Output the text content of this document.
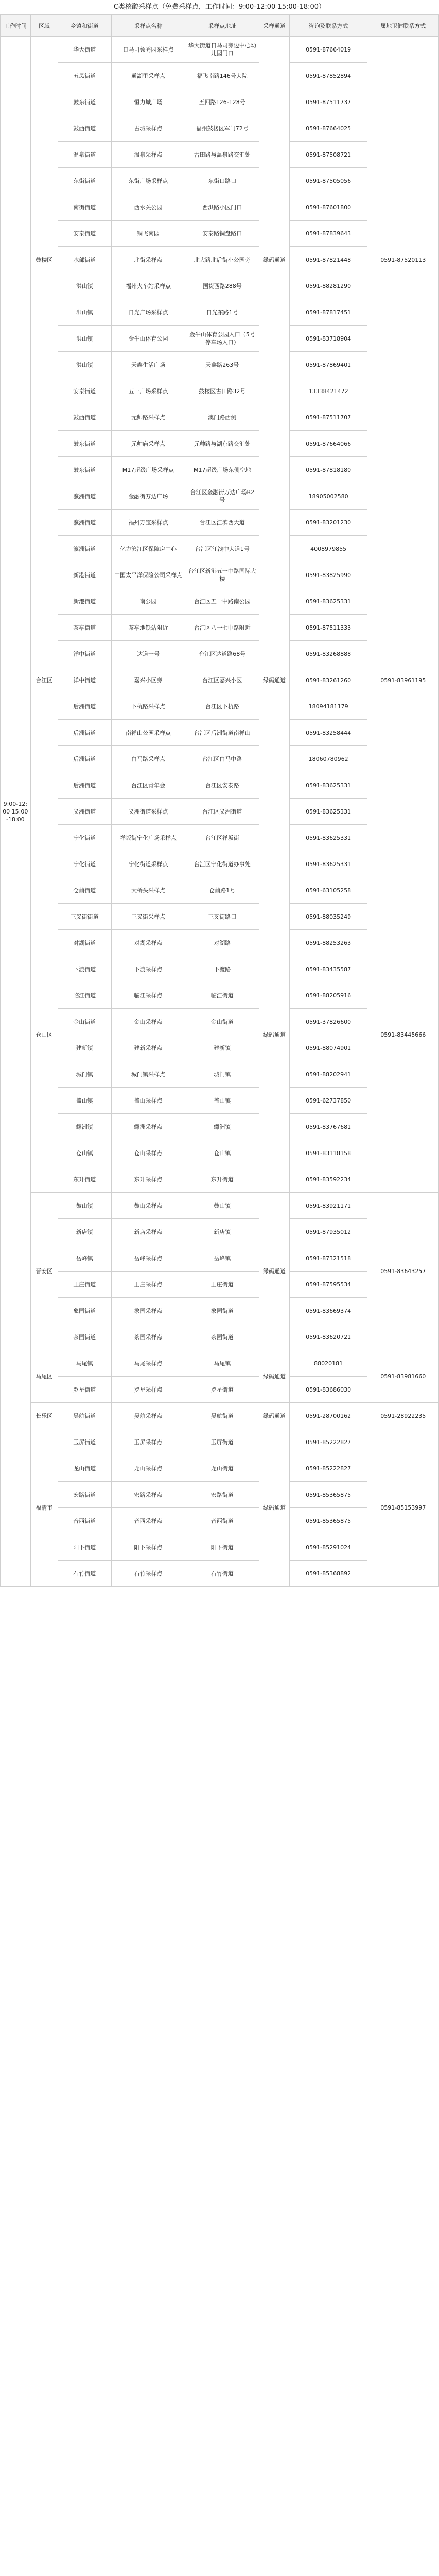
C类核酸采样点（免费采样点，工作时间：9:00-12:00 15:00-18:00）
工作时间	区域	乡镇和街道	采样点名称	采样点地址	采样通道	咨询及联系方式	属地卫健联系方式
9:00-12:00 15:00-18:00	鼓楼区	华大街道	日马司领秀园采样点	华大街道日马司旁边中心幼儿园门口	绿码通道	0591-87664019	0591-87520113
		五凤街道	通湖里采样点	福飞南路146号大院		0591-87852894	
		鼓东街道	恒力城广场	五四路126-128号		0591-87511737	
		鼓西街道	古城采样点	福州鼓楼区军门72号		0591-87664025	
		温泉街道	温泉采样点	古田路与温泉路交汇处		0591-87508721	
		东街街道	东街广场采样点	东街口路口		0591-87505056	
		南街街道	西水关公园	西洪路小区门口		0591-87601800	
		安泰街道	铜飞南园	安泰路铜盘路口		0591-87839643	
		水部街道	北街采样点	北大路北后街小公园旁		0591-87821448	
		洪山镇	福州火车站采样点	国货西路288号		0591-88281290	
		洪山镇	日光广场采样点	日光东路1号		0591-87817451	
		洪山镇	金牛山体育公园	金牛山体育公园入口（5号停车场入口）		0591-83718904	
		洪山镇	天鑫生活广场	天鑫路263号		0591-87869401	
		安泰街道	五一广场采样点	鼓楼区古田路32号		13338421472	
		鼓西街道	元帅路采样点	澳门路西侧		0591-87511707	
		鼓东街道	元帅庙采样点	元帅路与湖东路交汇处		0591-87664066	
		鼓东街道	M17超级广场采样点	M17超级广场东侧空地		0591-87818180	
	台江区	瀛洲街道	金融街万达广场	台江区金融街万达广场B2号	绿码通道	18905002580	0591-83961195
		瀛洲街道	福州万宝采样点	台江区江滨西大道		0591-83201230	
		瀛洲街道	亿力滨江区保障房中心	台江区江滨中大道1号		4008979855	
		新港街道	中国太平洋保险公司采样点	台江区新港五一中路国际大楼		0591-83825990	
		新港街道	南公园	台江区五一中路南公园		0591-83625331	
		茶亭街道	茶亭地铁站附近	台江区八一七中路附近		0591-87511333	
		洋中街道	达道一号	台江区达道路68号		0591-83268888	
		洋中街道	嘉兴小区旁	台江区嘉兴小区		0591-83261260	
		后洲街道	下杭路采样点	台江区下杭路		18094181179	
		后洲街道	南禅山公园采样点	台江区后洲街道南禅山		0591-83258444	
		后洲街道	白马路采样点	台江区白马中路		18060780962	
		后洲街道	台江区青年会	台江区安泰路		0591-83625331	
		义洲街道	义洲街道采样点	台江区义洲街道		0591-83625331	
		宁化街道	祥坂街宁化广场采样点	台江区祥坂街		0591-83625331	
		宁化街道	宁化街道采样点	台江区宁化街道办事处		0591-83625331	
	仓山区	仓前街道	大桥头采样点	仓前路1号	绿码通道	0591-63105258	0591-83445666
		三叉街街道	三叉街采样点	三叉街路口		0591-88035249	
		对湖街道	对湖采样点	对湖路		0591-88253263	
		下渡街道	下渡采样点	下渡路		0591-83435587	
		临江街道	临江采样点	临江街道		0591-88205916	
		金山街道	金山采样点	金山街道		0591-37826600	
		建新镇	建新采样点	建新镇		0591-88074901	
		城门镇	城门镇采样点	城门镇		0591-88202941	
		盖山镇	盖山采样点	盖山镇		0591-62737850	
		螺洲镇	螺洲采样点	螺洲镇		0591-83767681	
		仓山镇	仓山采样点	仓山镇		0591-83118158	
		东升街道	东升采样点	东升街道		0591-83592234	
	晋安区	鼓山镇	鼓山采样点	鼓山镇	绿码通道	0591-83921171	0591-83643257
		新店镇	新店采样点	新店镇		0591-87935012	
		岳峰镇	岳峰采样点	岳峰镇		0591-87321518	
		王庄街道	王庄采样点	王庄街道		0591-87595534	
		象园街道	象园采样点	象园街道		0591-83669374	
		茶园街道	茶园采样点	茶园街道		0591-83620721	
	马尾区	马尾镇	马尾采样点	马尾镇	绿码通道	88020181	0591-83981660
		罗星街道	罗星采样点	罗星街道		0591-83686030	
	长乐区	吴航街道	吴航采样点	吴航街道	绿码通道	0591-28700162	0591-28922235
	福清市	玉屏街道	玉屏采样点	玉屏街道	绿码通道	0591-85222827	0591-85153997
		龙山街道	龙山采样点	龙山街道		0591-85222827	
		宏路街道	宏路采样点	宏路街道		0591-85365875	
		音西街道	音西采样点	音西街道		0591-85365875	
		阳下街道	阳下采样点	阳下街道		0591-85291024	
		石竹街道	石竹采样点	石竹街道		0591-85368892	
